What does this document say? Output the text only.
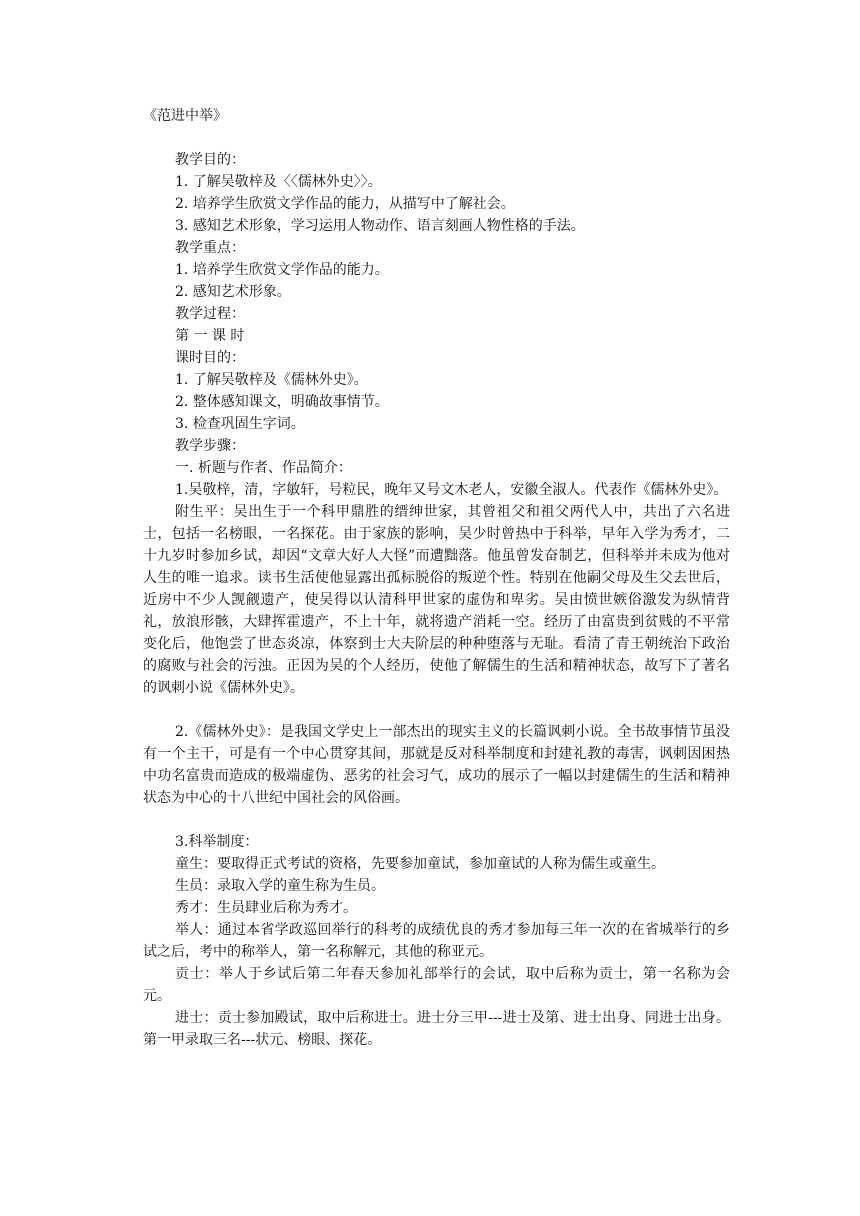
《范进中举》
教学目的：
1. 了解吴敬梓及〈〈儒林外史〉〉。
2. 培养学生欣赏文学作品的能力，从描写中了解社会。
3. 感知艺术形象，学习运用人物动作、语言刻画人物性格的手法。
教学重点：
1. 培养学生欣赏文学作品的能力。
2. 感知艺术形象。
教学过程：
第 一 课 时
课时目的：
1. 了解吴敬梓及《儒林外史》。
2. 整体感知课文，明确故事情节。
3. 检查巩固生字词。
教学步骤：
一. 析题与作者、作品简介：
1.吴敬梓，清，字敏轩，号粒民，晚年又号文木老人，安徽全淑人。代表作《儒林外史》。
附生平：吴出生于一个科甲鼎胜的缙绅世家，其曾祖父和祖父两代人中，共出了六名进士，包括一名榜眼，一名探花。由于家族的影响，吴少时曾热中于科举，早年入学为秀才，二十九岁时参加乡试，却因“文章大好人大怪”而遭黜落。他虽曾发奋制艺，但科举并未成为他对人生的唯一追求。读书生活使他显露出孤标脱俗的叛逆个性。特别在他嗣父母及生父去世后，近房中不少人觊觎遗产，使吴得以认清科甲世家的虚伪和卑劣。吴由愤世嫉俗激发为纵情背礼，放浪形骸，大肆挥霍遗产，不上十年，就将遗产消耗一空。经历了由富贵到贫贱的不平常变化后，他饱尝了世态炎凉，体察到士大夫阶层的种种堕落与无耻。看清了青王朝统治下政治的腐败与社会的污浊。正因为吴的个人经历，使他了解儒生的生活和精神状态，故写下了著名的讽刺小说《儒林外史》。
2.《儒林外史》：是我国文学史上一部杰出的现实主义的长篇讽刺小说。全书故事情节虽没有一个主干，可是有一个中心贯穿其间，那就是反对科举制度和封建礼教的毒害，讽刺因困热中功名富贵而造成的极端虚伪、恶劣的社会习气，成功的展示了一幅以封建儒生的生活和精神状态为中心的十八世纪中国社会的风俗画。
3.科举制度：
童生：要取得正式考试的资格，先要参加童试，参加童试的人称为儒生或童生。
生员：录取入学的童生称为生员。
秀才：生员肆业后称为秀才。
举人：通过本省学政巡回举行的科考的成绩优良的秀才参加每三年一次的在省城举行的乡试之后，考中的称举人，第一名称解元，其他的称亚元。
贡士：举人于乡试后第二年春天参加礼部举行的会试，取中后称为贡士，第一名称为会元。
进士：贡士参加殿试，取中后称进士。进士分三甲---进士及第、进士出身、同进士出身。第一甲录取三名---状元、榜眼、探花。
